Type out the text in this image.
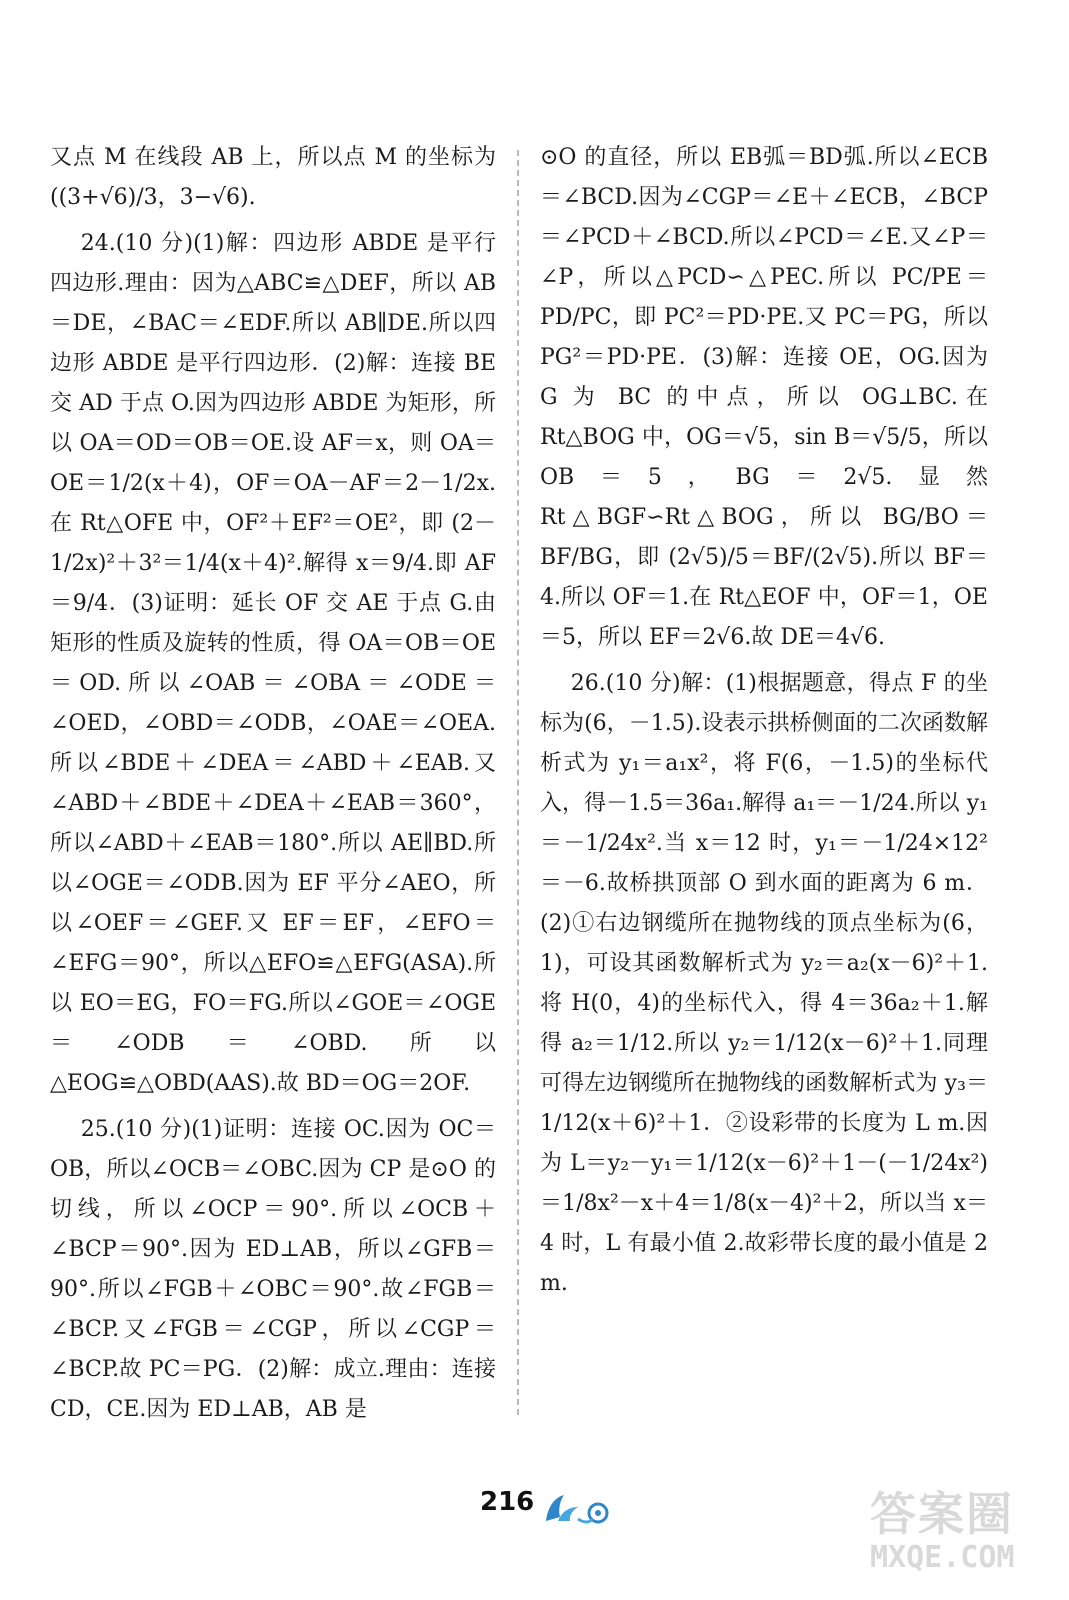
又点 M 在线段 AB 上，所以点 M 的坐标为 ((3+√6)/3，3−√6).

24.(10 分)(1)解：四边形 ABDE 是平行四边形.理由：因为△ABC≌△DEF，所以 AB＝DE，∠BAC＝∠EDF.所以 AB∥DE.所以四边形 ABDE 是平行四边形．(2)解：连接 BE 交 AD 于点 O.因为四边形 ABDE 为矩形，所以 OA＝OD＝OB＝OE.设 AF＝x，则 OA＝OE＝1/2(x＋4)，OF＝OA－AF＝2－1/2x.在 Rt△OFE 中，OF²＋EF²＝OE²，即 (2－1/2x)²＋3²＝1/4(x＋4)².解得 x＝9/4.即 AF＝9/4．(3)证明：延长 OF 交 AE 于点 G.由矩形的性质及旋转的性质，得 OA＝OB＝OE＝OD.所以∠OAB＝∠OBA＝∠ODE＝∠OED，∠OBD＝∠ODB，∠OAE＝∠OEA.所以∠BDE＋∠DEA＝∠ABD＋∠EAB.又∠ABD＋∠BDE＋∠DEA＋∠EAB＝360°，所以∠ABD＋∠EAB＝180°.所以 AE∥BD.所以∠OGE＝∠ODB.因为 EF 平分∠AEO，所以∠OEF＝∠GEF.又 EF＝EF，∠EFO＝∠EFG＝90°，所以△EFO≌△EFG(ASA).所以 EO＝EG，FO＝FG.所以∠GOE＝∠OGE＝∠ODB＝∠OBD.所以△EOG≌△OBD(AAS).故 BD＝OG＝2OF.

25.(10 分)(1)证明：连接 OC.因为 OC＝OB，所以∠OCB＝∠OBC.因为 CP 是⊙O 的切线，所以∠OCP＝90°.所以∠OCB＋∠BCP＝90°.因为 ED⊥AB，所以∠GFB＝90°.所以∠FGB＋∠OBC＝90°.故∠FGB＝∠BCP.又∠FGB＝∠CGP，所以∠CGP＝∠BCP.故 PC＝PG．(2)解：成立.理由：连接 CD，CE.因为 ED⊥AB，AB 是

⊙O 的直径，所以 EB弧＝BD弧.所以∠ECB＝∠BCD.因为∠CGP＝∠E＋∠ECB，∠BCP＝∠PCD＋∠BCD.所以∠PCD＝∠E.又∠P＝∠P，所以△PCD∽△PEC.所以 PC/PE＝PD/PC，即 PC²＝PD·PE.又 PC＝PG，所以 PG²＝PD·PE．(3)解：连接 OE，OG.因为 G 为 BC 的中点，所以 OG⊥BC.在 Rt△BOG 中，OG＝√5，sin B＝√5/5，所以 OB＝5，BG＝2√5.显然 Rt△BGF∽Rt△BOG，所以 BG/BO＝BF/BG，即 (2√5)/5＝BF/(2√5).所以 BF＝4.所以 OF＝1.在 Rt△EOF 中，OF＝1，OE＝5，所以 EF＝2√6.故 DE＝4√6.

26.(10 分)解：(1)根据题意，得点 F 的坐标为(6，－1.5).设表示拱桥侧面的二次函数解析式为 y₁＝a₁x²，将 F(6，－1.5)的坐标代入，得－1.5＝36a₁.解得 a₁＝－1/24.所以 y₁＝－1/24x².当 x＝12 时，y₁＝－1/24×12²＝－6.故桥拱顶部 O 到水面的距离为 6 m．(2)①右边钢缆所在抛物线的顶点坐标为(6，1)，可设其函数解析式为 y₂＝a₂(x－6)²＋1.将 H(0，4)的坐标代入，得 4＝36a₂＋1.解得 a₂＝1/12.所以 y₂＝1/12(x－6)²＋1.同理可得左边钢缆所在抛物线的函数解析式为 y₃＝1/12(x＋6)²＋1．②设彩带的长度为 L m.因为 L＝y₂－y₁＝1/12(x－6)²＋1－(－1/24x²)＝1/8x²－x＋4＝1/8(x－4)²＋2，所以当 x＝4 时，L 有最小值 2.故彩带长度的最小值是 2 m.

216	答案圈
MXQE.COM
